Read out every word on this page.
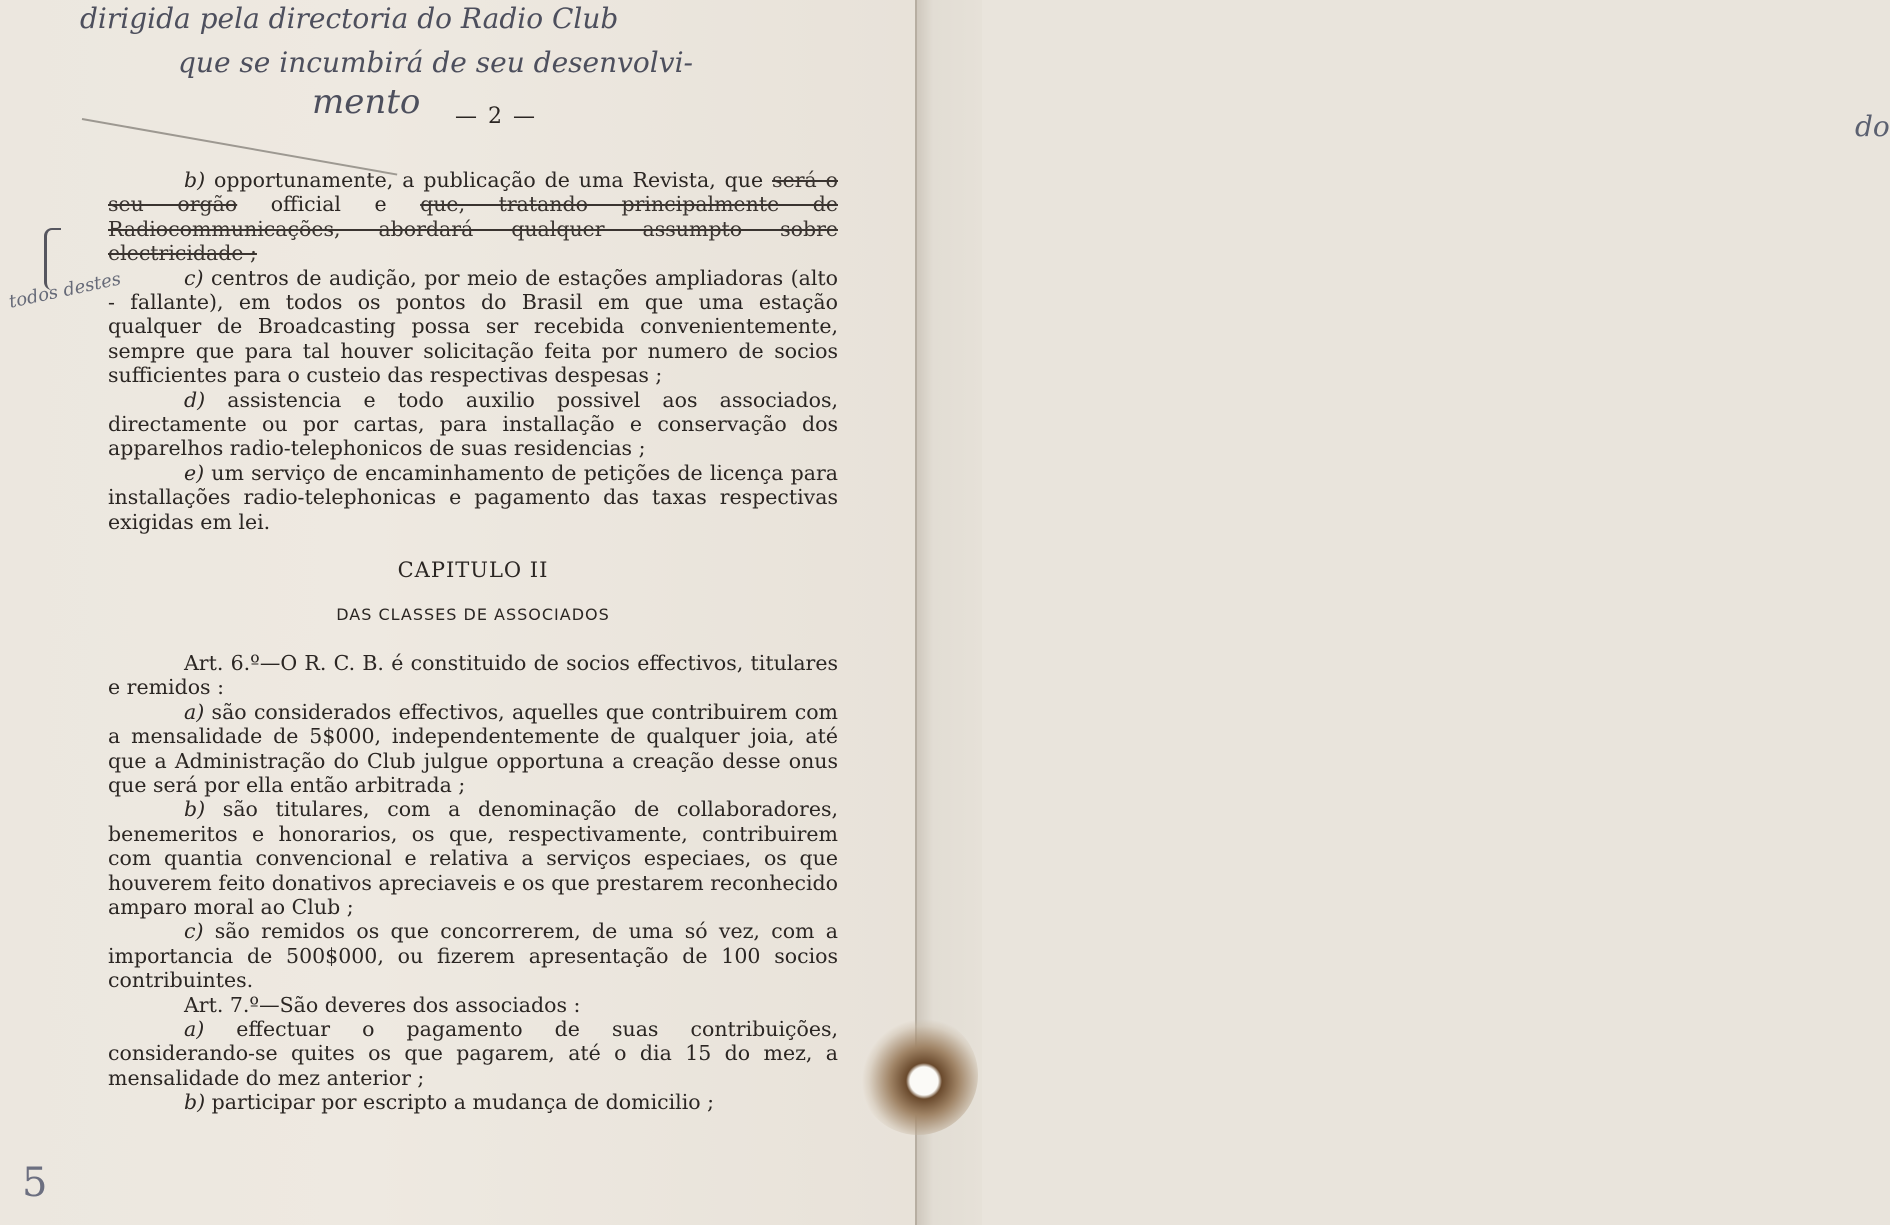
do
dirigida pela directoria do Radio Club
que se incumbirá de seu desenvolvi-
mento
todos destes
5
— 2 —

b) opportunamente, a publicação de uma Revista, que será o seu orgão official e que, tratando principalmente de Radiocommunicações, abordará qualquer assumpto sobre electricidade ;

c) centros de audição, por meio de estações ampliadoras (alto - fallante), em todos os pontos do Brasil em que uma estação qualquer de Broadcasting possa ser recebida convenientemente, sempre que para tal houver solicitação feita por numero de socios sufficientes para o custeio das respectivas despesas ;

d) assistencia e todo auxilio possivel aos associados, directamente ou por cartas, para installação e conservação dos apparelhos radio-telephonicos de suas residencias ;

e) um serviço de encaminhamento de petições de licença para installações radio-telephonicas e pagamento das taxas respectivas exigidas em lei.

CAPITULO II
DAS CLASSES DE ASSOCIADOS

Art. 6.º—O R. C. B. é constituido de socios effectivos, titulares e remidos :

a) são considerados effectivos, aquelles que contribuirem com a mensalidade de 5$000, independentemente de qualquer joia, até que a Administração do Club julgue opportuna a creação desse onus que será por ella então arbitrada ;

b) são titulares, com a denominação de collaboradores, benemeritos e honorarios, os que, respectivamente, contribuirem com quantia convencional e relativa a serviços especiaes, os que houverem feito donativos apreciaveis e os que prestarem reconhecido amparo moral ao Club ;

c) são remidos os que concorrerem, de uma só vez, com a importancia de 500$000, ou fizerem apresentação de 100 socios contribuintes.

Art. 7.º—São deveres dos associados :

a) effectuar o pagamento de suas contribuições, considerando-se quites os que pagarem, até o dia 15 do mez, a mensalidade do mez anterior ;

b) participar por escripto a mudança de domicilio ;
